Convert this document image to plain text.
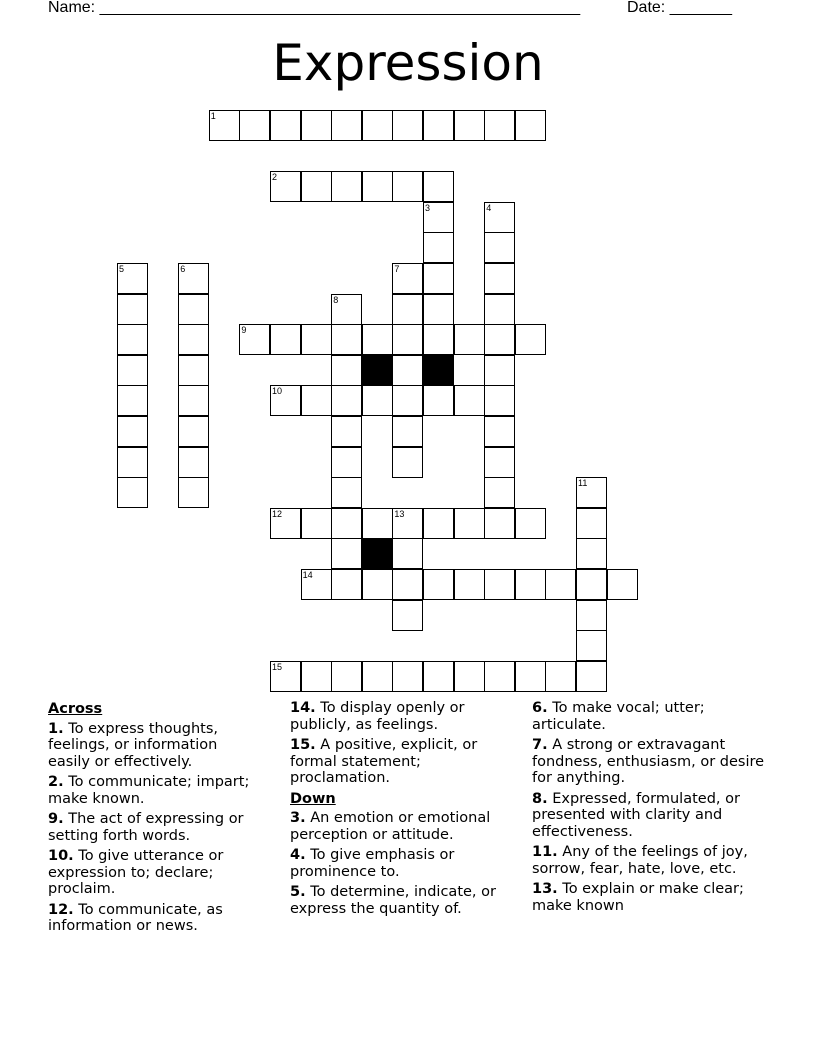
Name: ______________________________________________________	Date: _______
Expression
1
2
3	4
5	6	7
8
9
10
11
12	13
14
15
Across
1. To express thoughts, feelings, or information easily or effectively.
2. To communicate; impart; make known.
9. The act of expressing or setting forth words.
10. To give utterance or expression to; declare; proclaim.
12. To communicate, as information or news.
14. To display openly or publicly, as feelings.
15. A positive, explicit, or formal statement; proclamation.
Down
3. An emotion or emotional perception or attitude.
4. To give emphasis or prominence to.
5. To determine, indicate, or express the quantity of.
6. To make vocal; utter; articulate.
7. A strong or extravagant fondness, enthusiasm, or desire for anything.
8. Expressed, formulated, or presented with clarity and effectiveness.
11. Any of the feelings of joy, sorrow, fear, hate, love, etc.
13. To explain or make clear; make known
